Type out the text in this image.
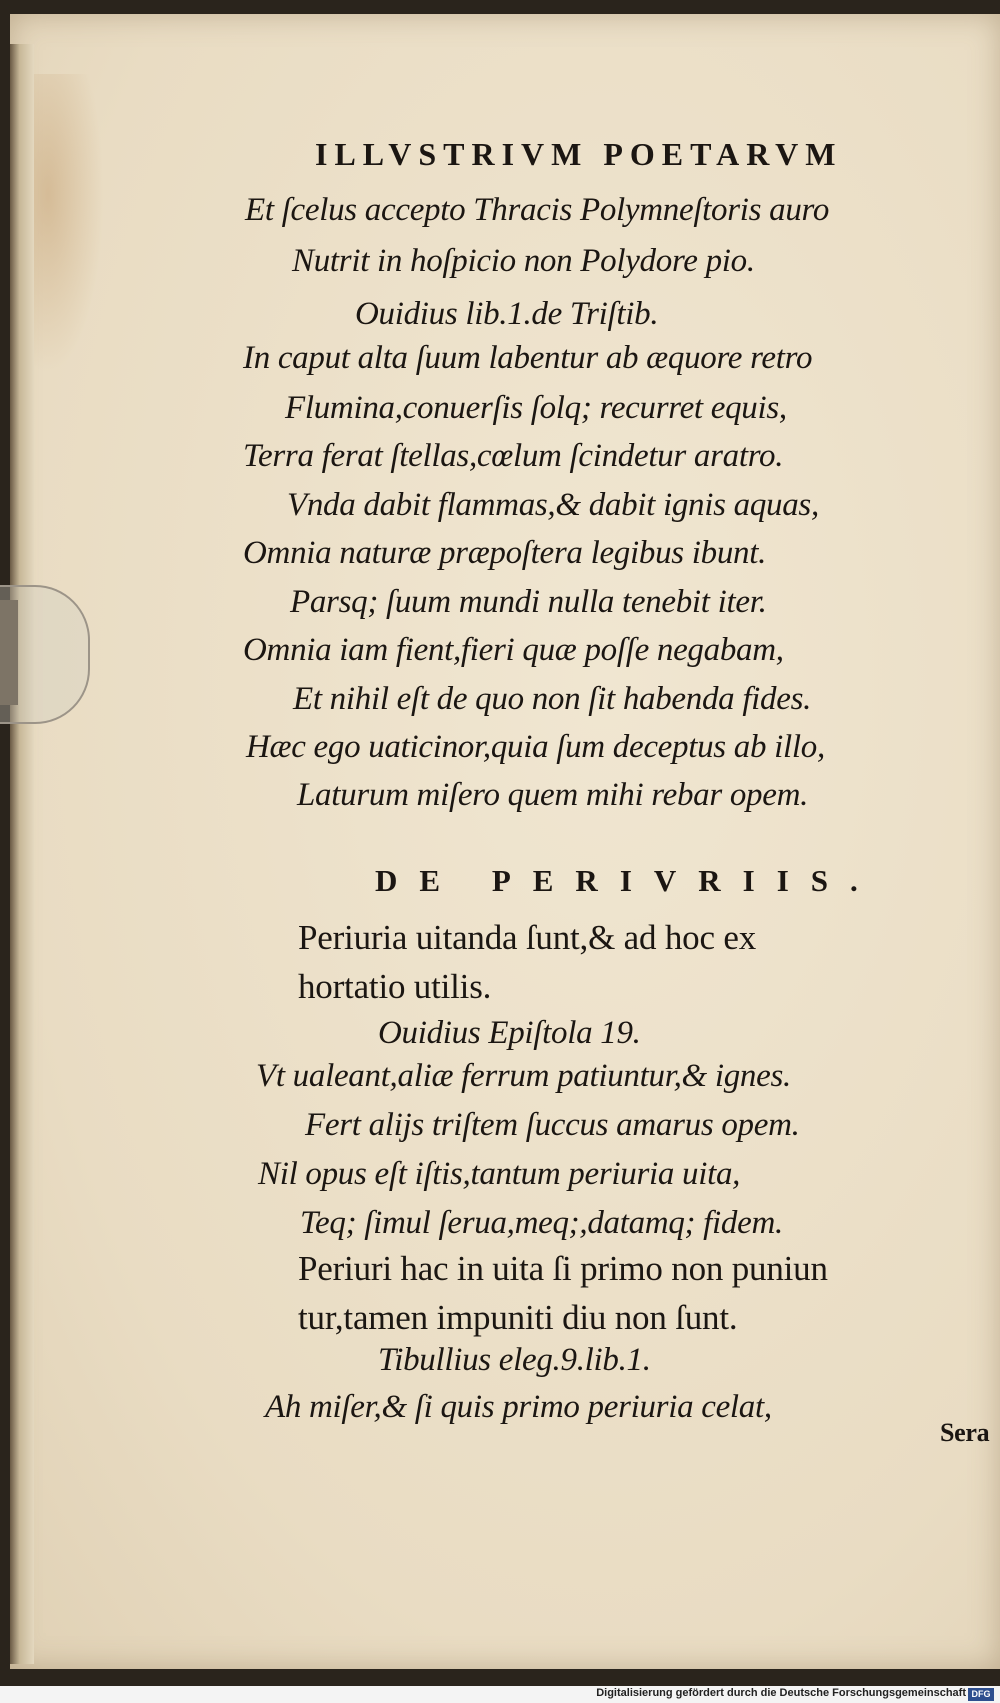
ILLVSTRIVM POETARVM
Et ſcelus accepto Thracis Polymneſtoris auro
Nutrit in hoſpicio non Polydore pio.
Ouidius lib.1.de Triſtib.
In caput alta ſuum labentur ab æquore retro
Flumina,conuerſis ſolq; recurret equis,
Terra ferat ſtellas,cœlum ſcindetur aratro.
Vnda dabit flammas,& dabit ignis aquas,
Omnia naturæ præpoſtera legibus ibunt.
Parsq; ſuum mundi nulla tenebit iter.
Omnia iam fient,fieri quæ poſſe negabam,
Et nihil eſt de quo non ſit habenda fides.
Hæc ego uaticinor,quia ſum deceptus ab illo,
Laturum miſero quem mihi rebar opem.
DE PERIVRIIS.
Periuria uitanda ſunt,& ad hoc ex
hortatio utilis.
Ouidius Epiſtola 19.
Vt ualeant,aliæ ferrum patiuntur,& ignes.
Fert alijs triſtem ſuccus amarus opem.
Nil opus eſt iſtis,tantum periuria uita,
Teq; ſimul ſerua,meq;,datamq; fidem.
Periuri hac in uita ſi primo non puniun
tur,tamen impuniti diu non ſunt.
Tibullius eleg.9.lib.1.
Ah miſer,& ſi quis primo periuria celat,
Sera
Digitalisierung gefördert durch die Deutsche Forschungsgemeinschaft DFG
